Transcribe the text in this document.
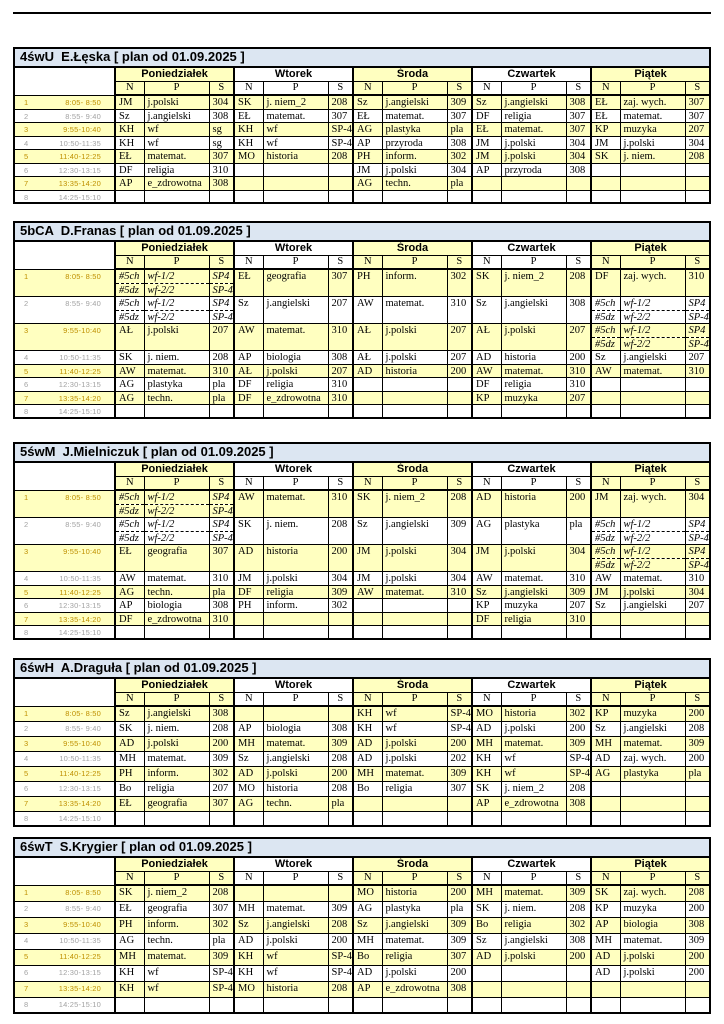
4śwU  E.Łęska [ plan od 01.09.2025 ]
	Poniedziałek			Wtorek			Środa			Czwartek			Piątek		
	N	P	S	N	P	S	N	P	S	N	P	S	N	P	S

1 8:05- 8:50	JM	j.polski	304	SK	j. niem_2	208	Sz	j.angielski	309	Sz	j.angielski	308	EŁ	zaj. wych.	307

2 8:55- 9:40	Sz	j.angielski	308	EŁ	matemat.	307	EŁ	matemat.	307	DF	religia	307	EŁ	matemat.	307

3 9:55-10:40	KH	wf	sg	KH	wf	SP-4	AG	plastyka	pla	EŁ	matemat.	307	KP	muzyka	207

4 10:50-11:35	KH	wf	sg	KH	wf	SP-4	AP	przyroda	308	JM	j.polski	304	JM	j.polski	304

5 11:40-12:25	EŁ	matemat.	307	MO	historia	208	PH	inform.	302	JM	j.polski	304	SK	j. niem.	208

6 12:30-13:15	DF	religia	310				JM	j.polski	304	AP	przyroda	308			

7 13:35-14:20	AP	e_zdrowotna	308				AG	techn.	pla						

8 14:25-15:10															
5bCA  D.Franas [ plan od 01.09.2025 ]
	Poniedziałek			Wtorek			Środa			Czwartek			Piątek		
	N	P	S	N	P	S	N	P	S	N	P	S	N	P	S

1 8:05- 8:50	#5ch	wf-1/2	SP4	EŁ	geografia	307	PH	inform.	302	SK	j. niem_2	208	DF	zaj. wych.	310
	#5dz	wf-2/2	SP-4												

2 8:55- 9:40	#5ch	wf-1/2	SP4	Sz	j.angielski	207	AW	matemat.	310	Sz	j.angielski	308	#5ch	wf-1/2	SP4
	#5dz	wf-2/2	SP-4										#5dz	wf-2/2	SP-4

3 9:55-10:40	AŁ	j.polski	207	AW	matemat.	310	AŁ	j.polski	207	AŁ	j.polski	207	#5ch	wf-1/2	SP4
													#5dz	wf-2/2	SP-4

4 10:50-11:35	SK	j. niem.	208	AP	biologia	308	AŁ	j.polski	207	AD	historia	200	Sz	j.angielski	207

5 11:40-12:25	AW	matemat.	310	AŁ	j.polski	207	AD	historia	200	AW	matemat.	310	AW	matemat.	310

6 12:30-13:15	AG	plastyka	pla	DF	religia	310				DF	religia	310			

7 13:35-14:20	AG	techn.	pla	DF	e_zdrowotna	310				KP	muzyka	207			

8 14:25-15:10															
5śwM  J.Mielniczuk [ plan od 01.09.2025 ]
	Poniedziałek			Wtorek			Środa			Czwartek			Piątek		
	N	P	S	N	P	S	N	P	S	N	P	S	N	P	S

1 8:05- 8:50	#5ch	wf-1/2	SP4	AW	matemat.	310	SK	j. niem_2	208	AD	historia	200	JM	zaj. wych.	304
	#5dz	wf-2/2	SP-4												

2 8:55- 9:40	#5ch	wf-1/2	SP4	SK	j. niem.	208	Sz	j.angielski	309	AG	plastyka	pla	#5ch	wf-1/2	SP4
	#5dz	wf-2/2	SP-4										#5dz	wf-2/2	SP-4

3 9:55-10:40	EŁ	geografia	307	AD	historia	200	JM	j.polski	304	JM	j.polski	304	#5ch	wf-1/2	SP4
													#5dz	wf-2/2	SP-4

4 10:50-11:35	AW	matemat.	310	JM	j.polski	304	JM	j.polski	304	AW	matemat.	310	AW	matemat.	310

5 11:40-12:25	AG	techn.	pla	DF	religia	309	AW	matemat.	310	Sz	j.angielski	309	JM	j.polski	304

6 12:30-13:15	AP	biologia	308	PH	inform.	302				KP	muzyka	207	Sz	j.angielski	207

7 13:35-14:20	DF	e_zdrowotna	310							DF	religia	310			

8 14:25-15:10															
6śwH  A.Draguła [ plan od 01.09.2025 ]
	Poniedziałek			Wtorek			Środa			Czwartek			Piątek		
	N	P	S	N	P	S	N	P	S	N	P	S	N	P	S

1 8:05- 8:50	Sz	j.angielski	308				KH	wf	SP-4	MO	historia	302	KP	muzyka	200

2 8:55- 9:40	SK	j. niem.	208	AP	biologia	308	KH	wf	SP-4	AD	j.polski	200	Sz	j.angielski	208

3 9:55-10:40	AD	j.polski	200	MH	matemat.	309	AD	j.polski	200	MH	matemat.	309	MH	matemat.	309

4 10:50-11:35	MH	matemat.	309	Sz	j.angielski	208	AD	j.polski	202	KH	wf	SP-4	AD	zaj. wych.	200

5 11:40-12:25	PH	inform.	302	AD	j.polski	200	MH	matemat.	309	KH	wf	SP-4	AG	plastyka	pla

6 12:30-13:15	Bo	religia	207	MO	historia	208	Bo	religia	307	SK	j. niem_2	208			

7 13:35-14:20	EŁ	geografia	307	AG	techn.	pla				AP	e_zdrowotna	308			

8 14:25-15:10															
6śwT  S.Krygier [ plan od 01.09.2025 ]
	Poniedziałek			Wtorek			Środa			Czwartek			Piątek		
	N	P	S	N	P	S	N	P	S	N	P	S	N	P	S

1 8:05- 8:50	SK	j. niem_2	208				MO	historia	200	MH	matemat.	309	SK	zaj. wych.	208

2 8:55- 9:40	EŁ	geografia	307	MH	matemat.	309	AG	plastyka	pla	SK	j. niem.	208	KP	muzyka	200

3 9:55-10:40	PH	inform.	302	Sz	j.angielski	208	Sz	j.angielski	309	Bo	religia	302	AP	biologia	308

4 10:50-11:35	AG	techn.	pla	AD	j.polski	200	MH	matemat.	309	Sz	j.angielski	308	MH	matemat.	309

5 11:40-12:25	MH	matemat.	309	KH	wf	SP-4	Bo	religia	307	AD	j.polski	200	AD	j.polski	200

6 12:30-13:15	KH	wf	SP-4	KH	wf	SP-4	AD	j.polski	200				AD	j.polski	200

7 13:35-14:20	KH	wf	SP-4	MO	historia	208	AP	e_zdrowotna	308						

8 14:25-15:10															
